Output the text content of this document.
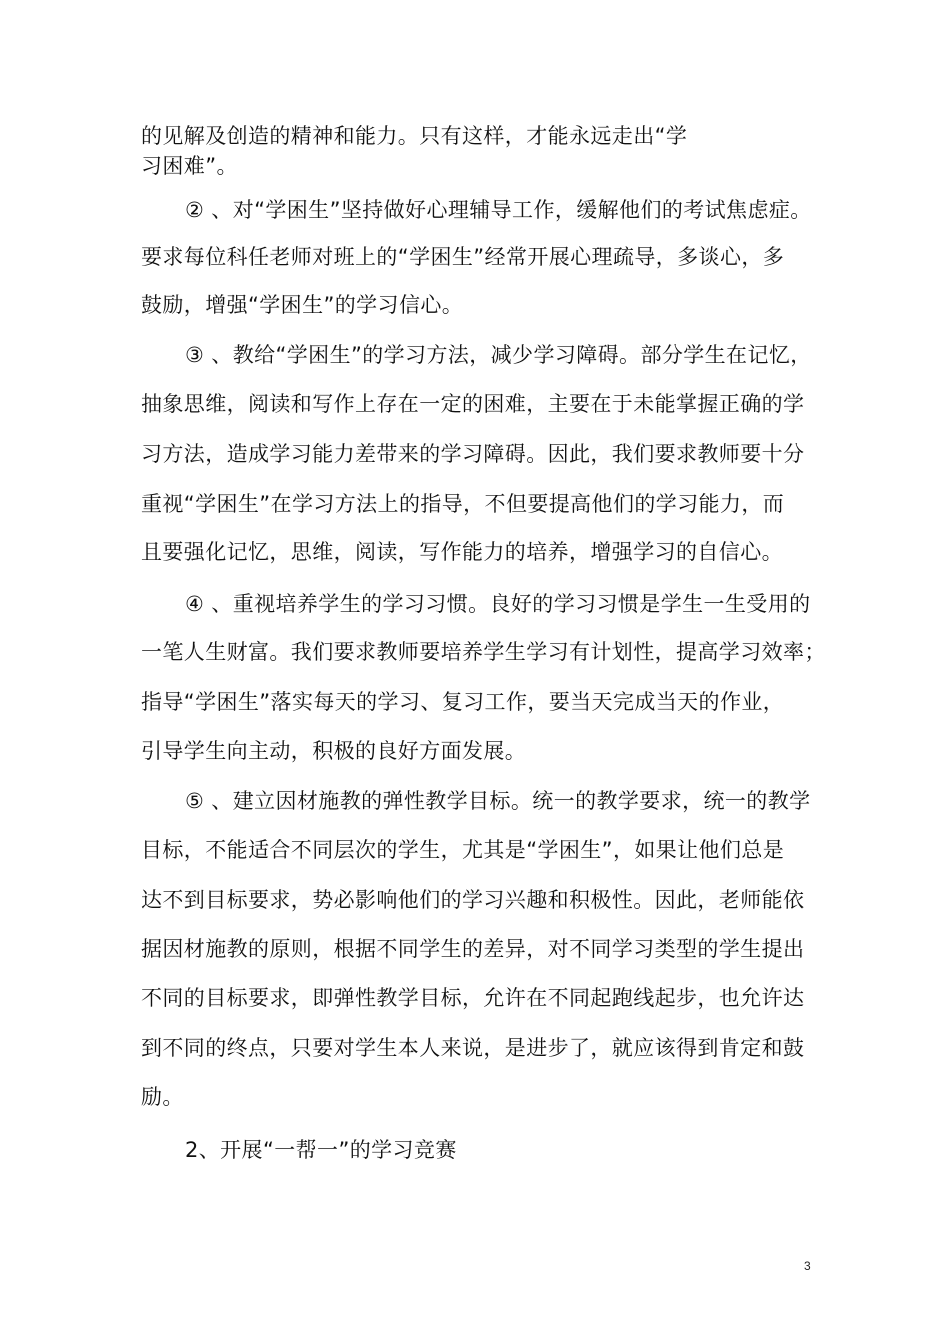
的见解及创造的精神和能力。只有这样，才能永远走出“学
习困难”。
② 、对“学困生”坚持做好心理辅导工作，缓解他们的考试焦虑症。
要求每位科任老师对班上的“学困生”经常开展心理疏导，多谈心，多
鼓励，增强“学困生”的学习信心。
③ 、教给“学困生”的学习方法，减少学习障碍。部分学生在记忆，
抽象思维，阅读和写作上存在一定的困难，主要在于未能掌握正确的学
习方法，造成学习能力差带来的学习障碍。因此，我们要求教师要十分
重视“学困生”在学习方法上的指导，不但要提高他们的学习能力，而
且要强化记忆，思维，阅读，写作能力的培养，增强学习的自信心。
④ 、重视培养学生的学习习惯。良好的学习习惯是学生一生受用的
一笔人生财富。我们要求教师要培养学生学习有计划性，提高学习效率；
指导“学困生”落实每天的学习、复习工作，要当天完成当天的作业，
引导学生向主动，积极的良好方面发展。
⑤ 、建立因材施教的弹性教学目标。统一的教学要求，统一的教学
目标，不能适合不同层次的学生，尤其是“学困生”，如果让他们总是
达不到目标要求，势必影响他们的学习兴趣和积极性。因此，老师能依
据因材施教的原则，根据不同学生的差异，对不同学习类型的学生提出
不同的目标要求，即弹性教学目标，允许在不同起跑线起步，也允许达
到不同的终点，只要对学生本人来说，是进步了，就应该得到肯定和鼓
励。
2、开展“一帮一”的学习竞赛
3
